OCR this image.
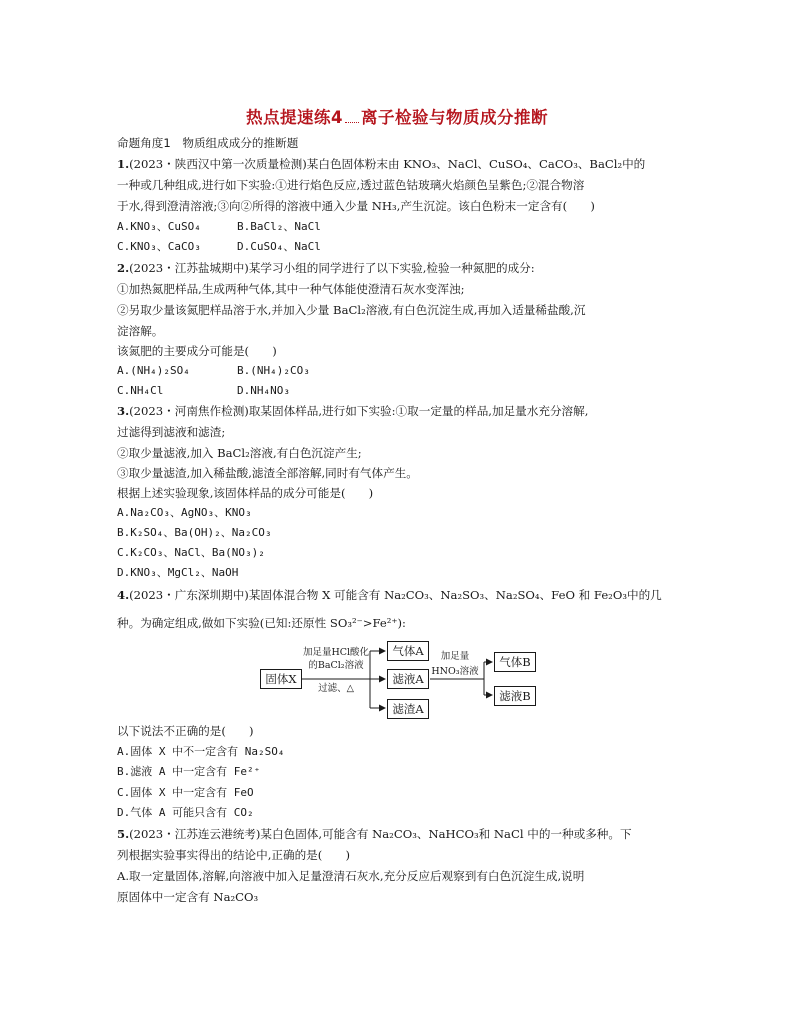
热点提速练4 离子检验与物质成分推断
命题角度1　物质组成成分的推断题
1.(2023・陕西汉中第一次质量检测)某白色固体粉末由 KNO₃、NaCl、CuSO₄、CaCO₃、BaCl₂中的
一种或几种组成,进行如下实验:①进行焰色反应,透过蓝色钴玻璃火焰颜色呈紫色;②混合物溶
于水,得到澄清溶液;③向②所得的溶液中通入少量 NH₃,产生沉淀。该白色粉末一定含有(　　)
A.KNO₃、CuSO₄	B.BaCl₂、NaCl
C.KNO₃、CaCO₃	D.CuSO₄、NaCl
2.(2023・江苏盐城期中)某学习小组的同学进行了以下实验,检验一种氮肥的成分:
①加热氮肥样品,生成两种气体,其中一种气体能使澄清石灰水变浑浊;
②另取少量该氮肥样品溶于水,并加入少量 BaCl₂溶液,有白色沉淀生成,再加入适量稀盐酸,沉
淀溶解。
该氮肥的主要成分可能是(　　)
A.(NH₄)₂SO₄	B.(NH₄)₂CO₃
C.NH₄Cl	D.NH₄NO₃
3.(2023・河南焦作检测)取某固体样品,进行如下实验:①取一定量的样品,加足量水充分溶解,
过滤得到滤液和滤渣;
②取少量滤液,加入 BaCl₂溶液,有白色沉淀产生;
③取少量滤渣,加入稀盐酸,滤渣全部溶解,同时有气体产生。
根据上述实验现象,该固体样品的成分可能是(　　)
A.Na₂CO₃、AgNO₃、KNO₃
B.K₂SO₄、Ba(OH)₂、Na₂CO₃
C.K₂CO₃、NaCl、Ba(NO₃)₂
D.KNO₃、MgCl₂、NaOH
4.(2023・广东深圳期中)某固体混合物 X 可能含有 Na₂CO₃、Na₂SO₃、Na₂SO₄、FeO 和 Fe₂O₃中的几
种。为确定组成,做如下实验(已知:还原性 SO₃²⁻>Fe²⁺):
固体X
加足量HCl酸化
的BaCl₂溶液
过滤、△
气体A
滤液A
滤渣A
加足量
HNO₃溶液
气体B
滤液B
以下说法不正确的是(　　)
A.固体 X 中不一定含有 Na₂SO₄
B.滤液 A 中一定含有 Fe²⁺
C.固体 X 中一定含有 FeO
D.气体 A 可能只含有 CO₂
5.(2023・江苏连云港统考)某白色固体,可能含有 Na₂CO₃、NaHCO₃和 NaCl 中的一种或多种。下
列根据实验事实得出的结论中,正确的是(　　)
A.取一定量固体,溶解,向溶液中加入足量澄清石灰水,充分反应后观察到有白色沉淀生成,说明
原固体中一定含有 Na₂CO₃
